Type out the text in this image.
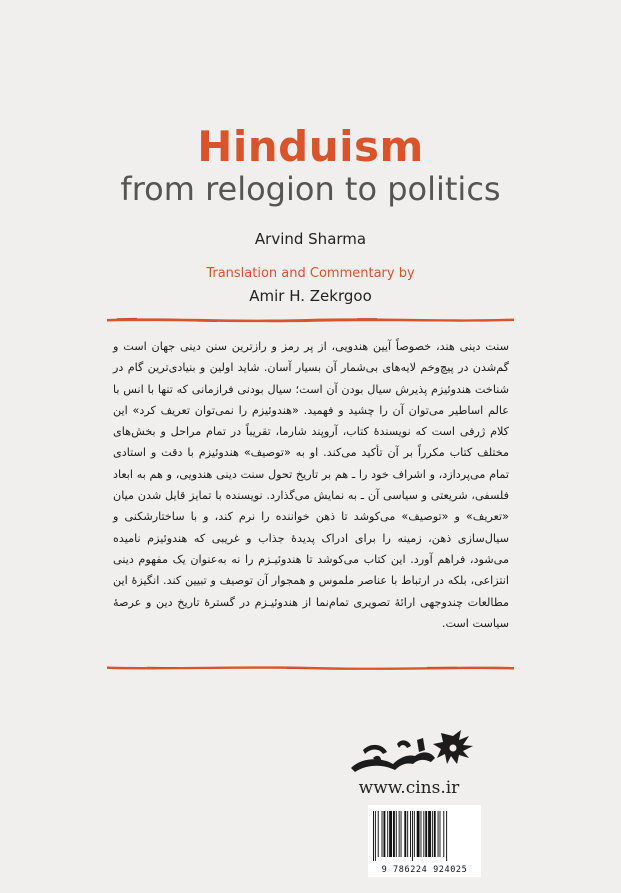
Hinduism
from relogion to politics
Arvind Sharma
Translation and Commentary by
Amir H. Zekrgoo
سنت دینی هند، خصوصاً آیین هندویی، از پر رمز و رازترین سنن دینی جهان است و گم‌شدن در پیچ‌وخم لایه‌های بی‌شمار آن بسیار آسان. شاید اولین و بنیادی‌ترین گام در شناخت هندوئیزم پذیرش سیال بودن آن است؛ سیال بودنی فرازمانی که تنها با انس با عالم اساطیر می‌توان آن را چشید و فهمید. «هندوئیزم را نمی‌توان تعریف کرد» این کلام ژرفی است که نویسندهٔ کتاب، آروپند شارما، تقریباً در تمام مراحل و بخش‌های مختلف کتاب مکرراً بر آن تأکید می‌کند. او به «توصیف» هندوئیزم با دقت و استادی تمام می‌پردازد، و اشراف خود را ـ هم بر تاریخ تحول سنت دینی هندویی، و هم به ابعاد فلسفی، شریعتی و سیاسی آن ـ به نمایش می‌گذارد. نویسنده با تمایز قایل شدن میان «تعریف» و «توصیف» می‌کوشد تا ذهن خواننده را نرم کند، و با ساختارشکنی و سیال‌سازی ذهن، زمینه را برای ادراک پدیدهٔ جذاب و غریبی که هندوئیزم نامیده می‌شود، فراهم آورد. این کتاب می‌کوشد تا هندوئیـزم را نه به‌عنوان یک مفهوم دینی انتزاعی، بلکه در ارتباط با عناصر ملموس و همجوار آن توصیف و تبیین کند. انگیزهٔ این مطالعات چندوجهی ارائهٔ تصویری تمام‌نما از هندوئیـزم در گسترهٔ تاریخ دین و عرصهٔ سیاست است.
www.cins.ir
9 786224 924025
